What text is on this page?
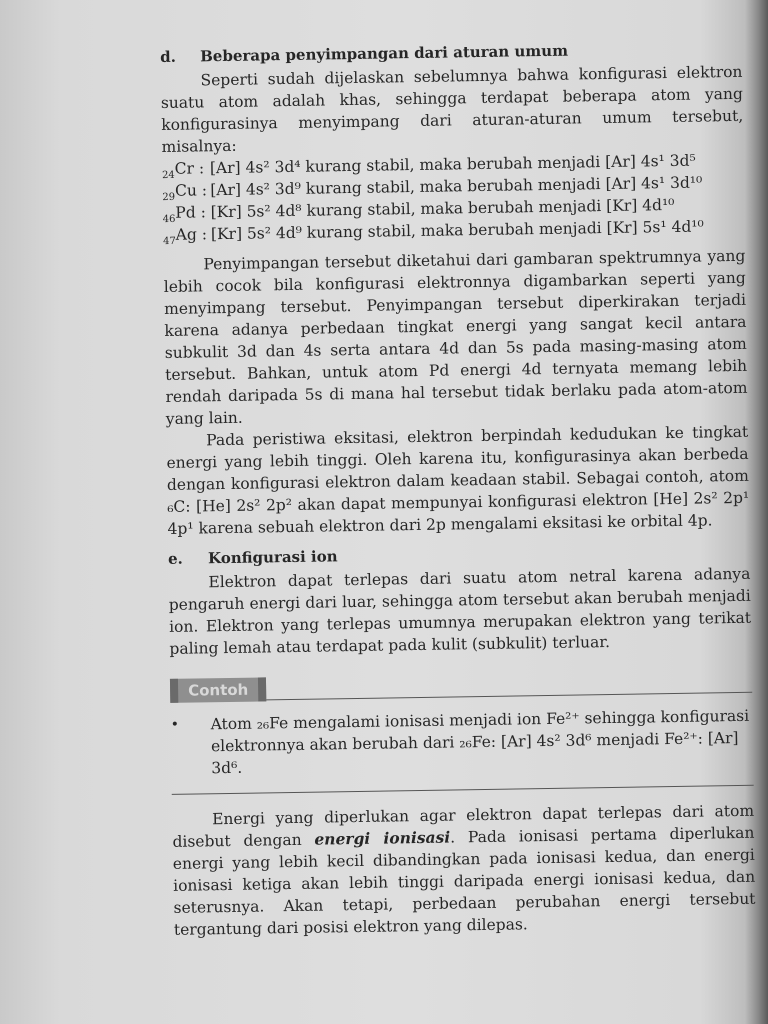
d.	Beberapa penyimpangan dari aturan umum

Seperti sudah dijelaskan sebelumnya bahwa konfigurasi elektron suatu atom adalah khas, sehingga terdapat beberapa atom yang konfigurasinya menyimpang dari aturan-aturan umum tersebut, misalnya:

$_{24}$Cr : [Ar] 4s² 3d⁴ kurang stabil, maka berubah menjadi [Ar] 4s¹ 3d⁵
$_{29}$Cu : [Ar] 4s² 3d⁹ kurang stabil, maka berubah menjadi [Ar] 4s¹ 3d¹⁰
$_{46}$Pd : [Kr] 5s² 4d⁸ kurang stabil, maka berubah menjadi [Kr] 4d¹⁰
$_{47}$Ag : [Kr] 5s² 4d⁹ kurang stabil, maka berubah menjadi [Kr] 5s¹ 4d¹⁰

Penyimpangan tersebut diketahui dari gambaran spektrumnya yang lebih cocok bila konfigurasi elektronnya digambarkan seperti yang menyimpang tersebut. Penyimpangan tersebut diperkirakan terjadi karena adanya perbedaan tingkat energi yang sangat kecil antara subkulit 3d dan 4s serta antara 4d dan 5s pada masing-masing atom tersebut. Bahkan, untuk atom Pd energi 4d ternyata memang lebih rendah daripada 5s di mana hal tersebut tidak berlaku pada atom-atom yang lain.

Pada peristiwa eksitasi, elektron berpindah kedudukan ke tingkat energi yang lebih tinggi. Oleh karena itu, konfigurasinya akan berbeda dengan konfigurasi elektron dalam keadaan stabil. Sebagai contoh, atom ₆C: [He] 2s² 2p² akan dapat mempunyai konfigurasi elektron [He] 2s² 2p¹ 4p¹ karena sebuah elektron dari 2p mengalami eksitasi ke orbital 4p.

e.	Konfigurasi ion

Elektron dapat terlepas dari suatu atom netral karena adanya pengaruh energi dari luar, sehingga atom tersebut akan berubah menjadi ion. Elektron yang terlepas umumnya merupakan elektron yang terikat paling lemah atau terdapat pada kulit (subkulit) terluar.

Contoh
•	Atom ₂₆Fe mengalami ionisasi menjadi ion Fe²⁺ sehingga konfigurasi elektronnya akan berubah dari ₂₆Fe: [Ar] 4s² 3d⁶ menjadi Fe²⁺: [Ar] 3d⁶.

Energi yang diperlukan agar elektron dapat terlepas dari atom disebut dengan energi ionisasi. Pada ionisasi pertama diperlukan energi yang lebih kecil dibandingkan pada ionisasi kedua, dan energi ionisasi ketiga akan lebih tinggi daripada energi ionisasi kedua, dan seterusnya. Akan tetapi, perbedaan perubahan energi tersebut tergantung dari posisi elektron yang dilepas.
